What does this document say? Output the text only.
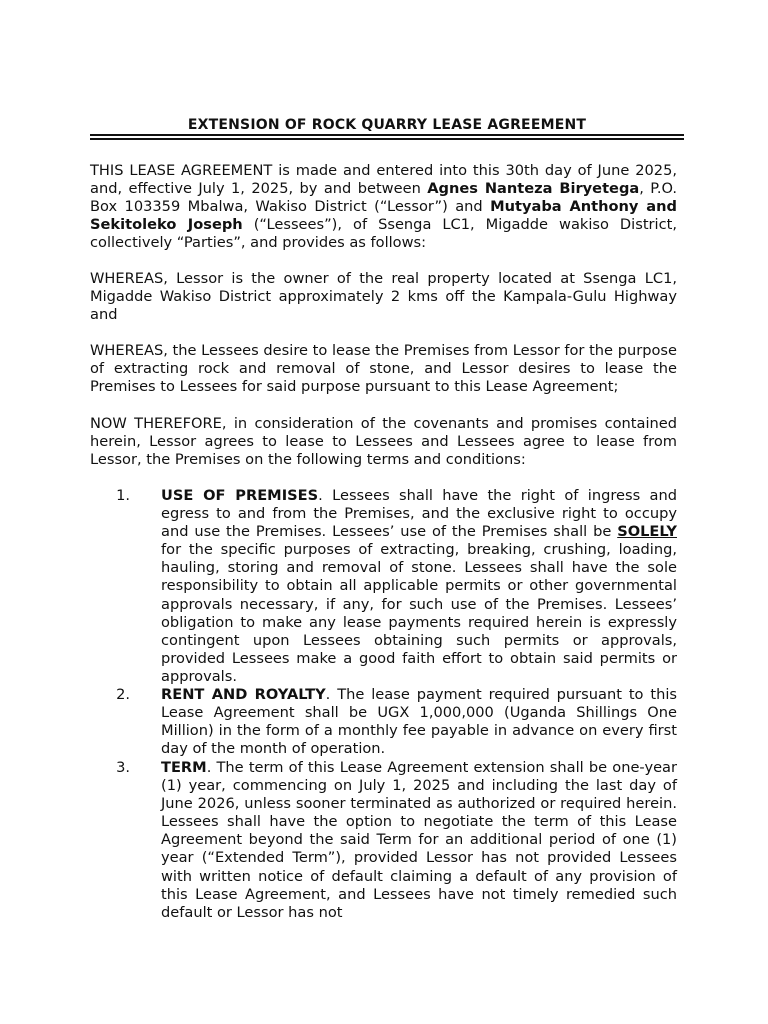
EXTENSION OF ROCK QUARRY LEASE AGREEMENT

THIS LEASE AGREEMENT is made and entered into this 30th day of June 2025, and, effective July 1, 2025, by and between Agnes Nanteza Biryetega, P.O. Box 103359 Mbalwa, Wakiso District (“Lessor”) and Mutyaba Anthony and Sekitoleko Joseph (“Lessees”), of Ssenga LC1, Migadde wakiso District, collectively “Parties”, and provides as follows:

WHEREAS, Lessor is the owner of the real property located at Ssenga LC1, Migadde Wakiso District approximately 2 kms off the Kampala-Gulu Highway and

WHEREAS, the Lessees desire to lease the Premises from Lessor for the purpose of extracting rock and removal of stone, and Lessor desires to lease the Premises to Lessees for said purpose pursuant to this Lease Agreement;

NOW THEREFORE, in consideration of the covenants and promises contained herein, Lessor agrees to lease to Lessees and Lessees agree to lease from Lessor, the Premises on the following terms and conditions:

1. USE OF PREMISES. Lessees shall have the right of ingress and egress to and from the Premises, and the exclusive right to occupy and use the Premises. Lessees’ use of the Premises shall be SOLELY for the specific purposes of extracting, breaking, crushing, loading, hauling, storing and removal of stone. Lessees shall have the sole responsibility to obtain all applicable permits or other governmental approvals necessary, if any, for such use of the Premises. Lessees’ obligation to make any lease payments required herein is expressly contingent upon Lessees obtaining such permits or approvals, provided Lessees make a good faith effort to obtain said permits or approvals.

2. RENT AND ROYALTY. The lease payment required pursuant to this Lease Agreement shall be UGX 1,000,000 (Uganda Shillings One Million) in the form of a monthly fee payable in advance on every first day of the month of operation.

3. TERM. The term of this Lease Agreement extension shall be one-year (1) year, commencing on July 1, 2025 and including the last day of June 2026, unless sooner terminated as authorized or required herein. Lessees shall have the option to negotiate the term of this Lease Agreement beyond the said Term for an additional period of one (1) year (“Extended Term”), provided Lessor has not provided Lessees with written notice of default claiming a default of any provision of this Lease Agreement, and Lessees have not timely remedied such default or Lessor has not
